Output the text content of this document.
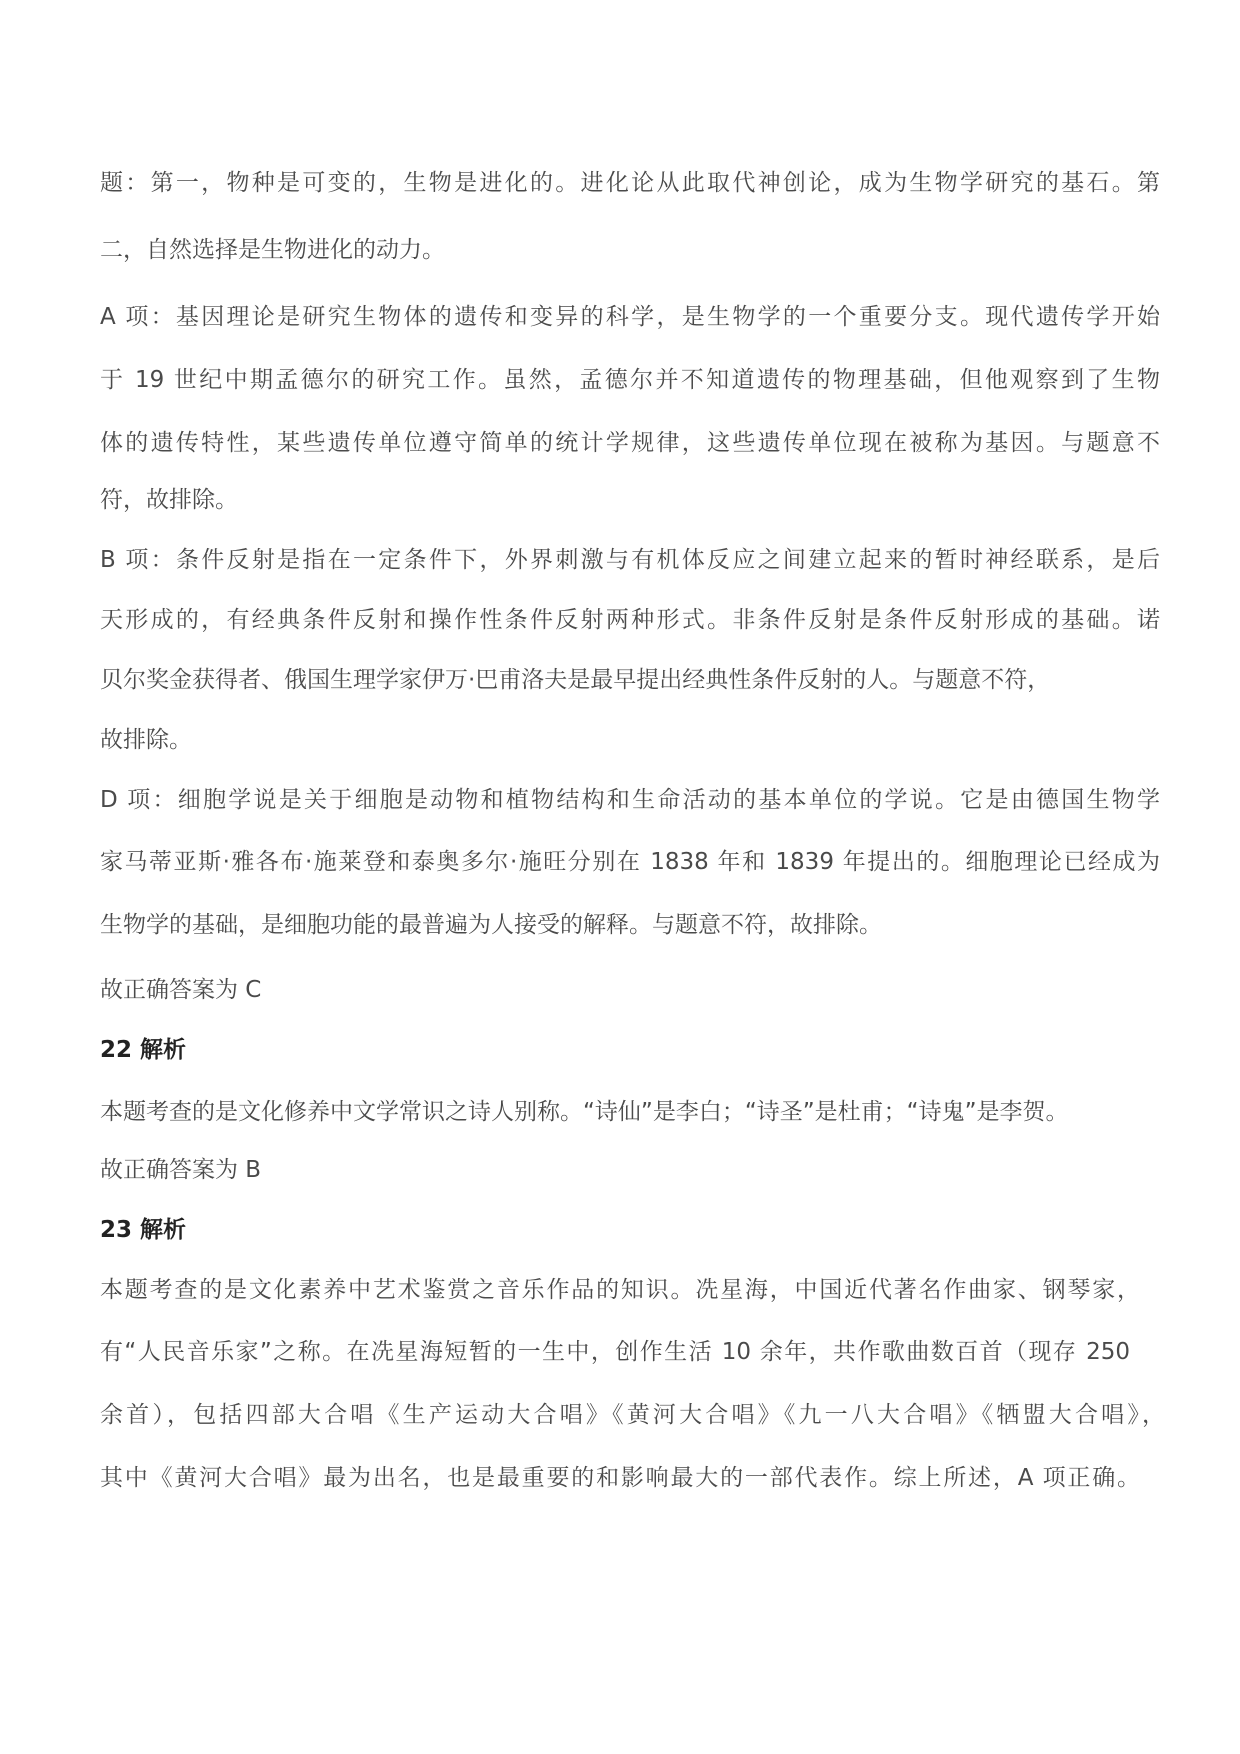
题：第一，物种是可变的，生物是进化的。进化论从此取代神创论，成为生物学研究的基石。第
二，自然选择是生物进化的动力。
A 项：基因理论是研究生物体的遗传和变异的科学，是生物学的一个重要分支。现代遗传学开始
于 19 世纪中期孟德尔的研究工作。虽然，孟德尔并不知道遗传的物理基础，但他观察到了生物
体的遗传特性，某些遗传单位遵守简单的统计学规律，这些遗传单位现在被称为基因。与题意不
符，故排除。
B 项：条件反射是指在一定条件下，外界刺激与有机体反应之间建立起来的暂时神经联系，是后
天形成的，有经典条件反射和操作性条件反射两种形式。非条件反射是条件反射形成的基础。诺
贝尔奖金获得者、俄国生理学家伊万·巴甫洛夫是最早提出经典性条件反射的人。与题意不符，
故排除。
D 项：细胞学说是关于细胞是动物和植物结构和生命活动的基本单位的学说。它是由德国生物学
家马蒂亚斯·雅各布·施莱登和泰奥多尔·施旺分别在 1838 年和 1839 年提出的。细胞理论已经成为
生物学的基础，是细胞功能的最普遍为人接受的解释。与题意不符，故排除。
故正确答案为 C
22 解析
本题考查的是文化修养中文学常识之诗人别称。“诗仙”是李白；“诗圣”是杜甫；“诗鬼”是李贺。
故正确答案为 B
23 解析
本题考查的是文化素养中艺术鉴赏之音乐作品的知识。冼星海，中国近代著名作曲家、钢琴家，
有“人民音乐家”之称。在冼星海短暂的一生中，创作生活 10 余年，共作歌曲数百首（现存 250
余首），包括四部大合唱《生产运动大合唱》《黄河大合唱》《九一八大合唱》《牺盟大合唱》，
其中《黄河大合唱》最为出名，也是最重要的和影响最大的一部代表作。综上所述，A 项正确。
